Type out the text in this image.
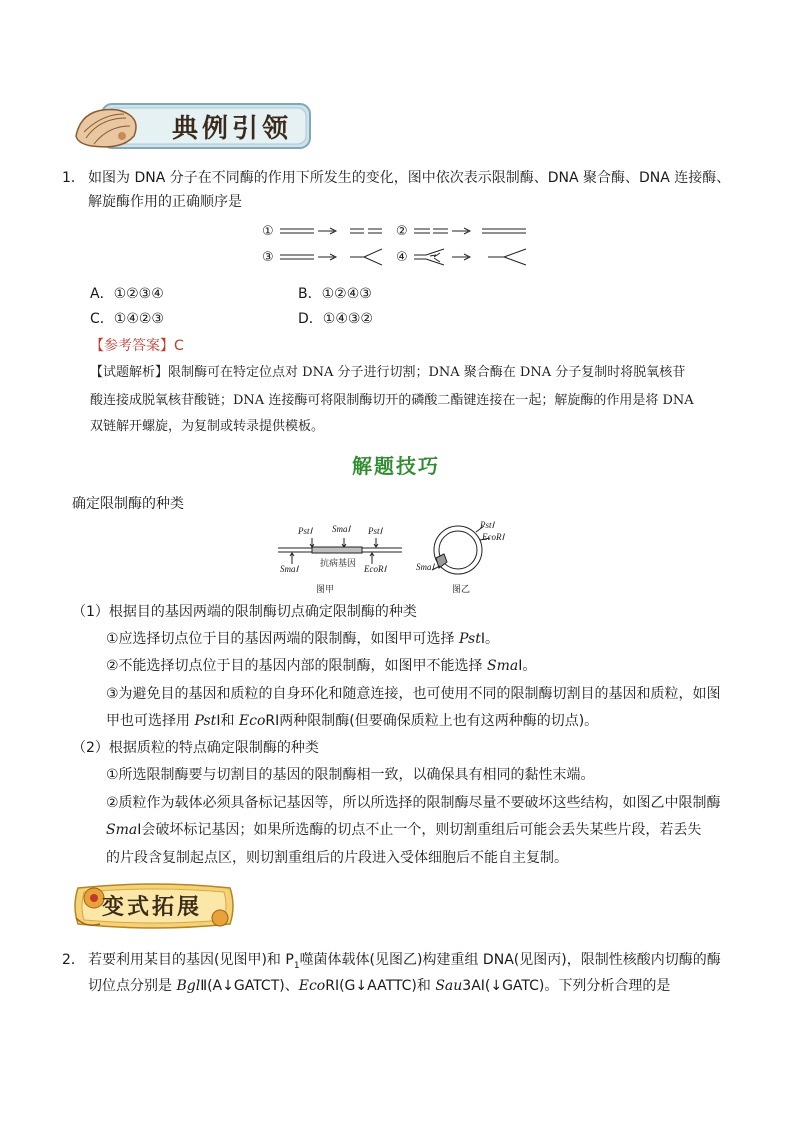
典例引领
1． 如图为 DNA 分子在不同酶的作用下所发生的变化，图中依次表示限制酶、DNA 聚合酶、DNA 连接酶、
解旋酶作用的正确顺序是
①	②
③	④
A．①②③④	B．①②④③
C．①④②③	D．①④③②
【参考答案】C
【试题解析】限制酶可在特定位点对 DNA 分子进行切割；DNA 聚合酶在 DNA 分子复制时将脱氧核苷
酸连接成脱氧核苷酸链；DNA 连接酶可将限制酶切开的磷酸二酯键连接在一起；解旋酶的作用是将 DNA
双链解开螺旋，为复制或转录提供模板。
解题技巧
确定限制酶的种类
PstⅠ SmaⅠ PstⅠ
抗病基因
SmaⅠ	EcoRⅠ
图甲
PstⅠ
EcoRⅠ
SmaⅠ
图乙
（1）根据目的基因两端的限制酶切点确定限制酶的种类
①应选择切点位于目的基因两端的限制酶，如图甲可选择 PstⅠ。
②不能选择切点位于目的基因内部的限制酶，如图甲不能选择 SmaⅠ。
③为避免目的基因和质粒的自身环化和随意连接，也可使用不同的限制酶切割目的基因和质粒，如图
甲也可选择用 PstⅠ和 EcoRⅠ两种限制酶(但要确保质粒上也有这两种酶的切点)。
（2）根据质粒的特点确定限制酶的种类
①所选限制酶要与切割目的基因的限制酶相一致，以确保具有相同的黏性末端。
②质粒作为载体必须具备标记基因等，所以所选择的限制酶尽量不要破坏这些结构，如图乙中限制酶
SmaⅠ会破坏标记基因；如果所选酶的切点不止一个，则切割重组后可能会丢失某些片段，若丢失
的片段含复制起点区，则切割重组后的片段进入受体细胞后不能自主复制。
变式拓展
2． 若要利用某目的基因(见图甲)和 $P_1$噬菌体载体(见图乙)构建重组 DNA(见图丙)，限制性核酸内切酶的酶
切位点分别是 BglⅡ(A↓GATCT)、EcoRⅠ(G↓AATTC)和 Sau3AⅠ(↓GATC)。下列分析合理的是
